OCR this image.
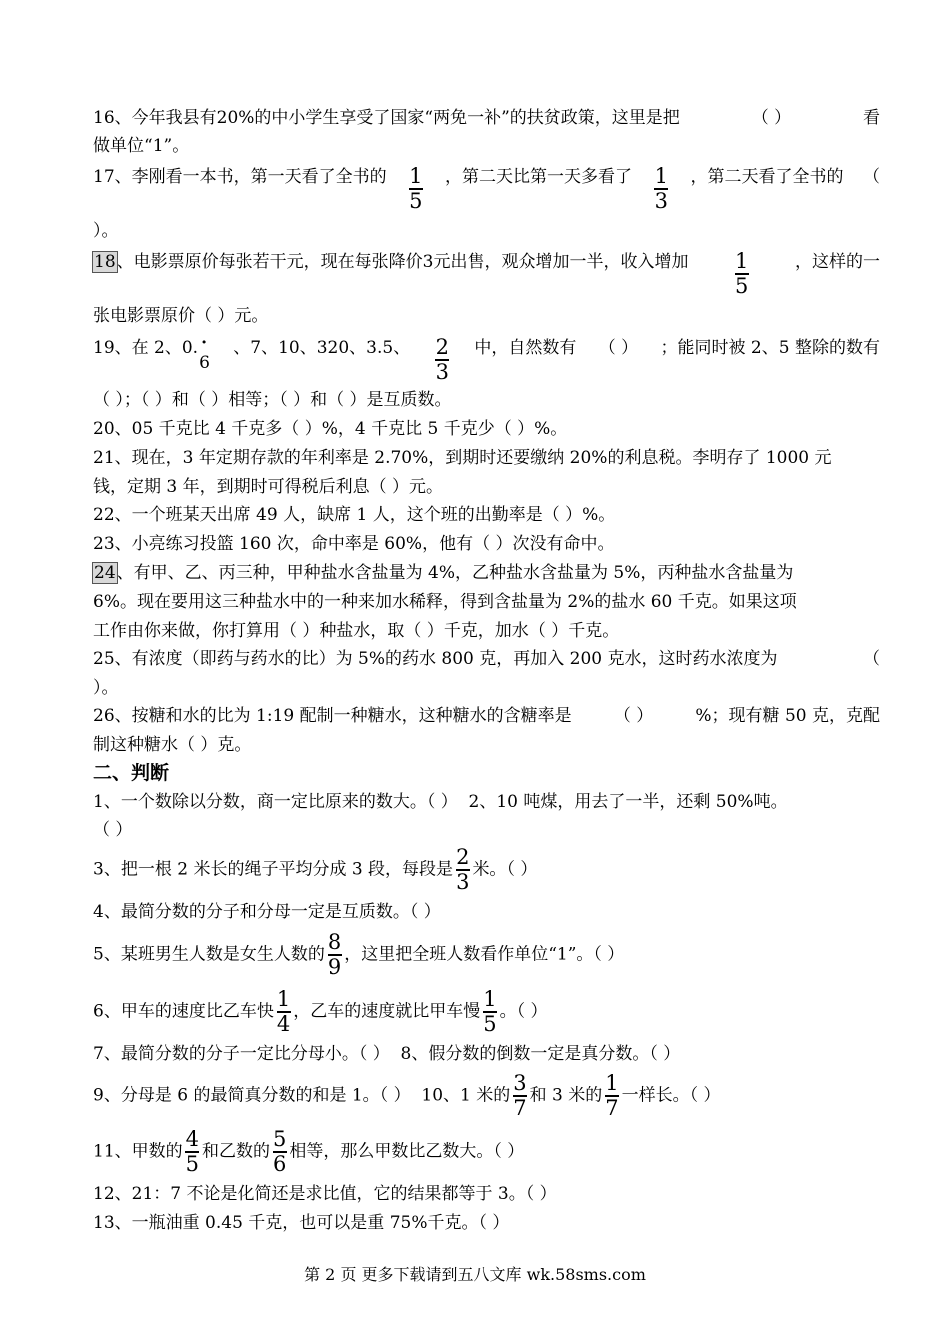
16、今年我县有20%的中小学生享受了国家“两免一补”的扶贫政策，这里是把	（ ）	看
做单位“1”。
17、李刚看一本书，第一天看了全书的 $\frac{1}{5}$ ，第二天比第一天多看了 $\frac{1}{3}$ ，第二天看了全书的 （
）。
18、电影票原价每张若干元，现在每张降价3元出售，观众增加一半，收入增加 $\frac{1}{5}$	，这样的一
张电影票原价（ ）元。
19、在 2、0.· 6
、7、10、320、3.5、 $\frac{2}{3}$ 中，自然数有 （ ） ；能同时被 2、5 整除的数有
（ ）；（ ）和（ ）相等；（ ）和（ ）是互质数。
20、05 千克比 4 千克多（ ）%，4 千克比 5 千克少（ ）%。
21、现在，3 年定期存款的年利率是 2.70%，到期时还要缴纳 20%的利息税。李明存了 1000 元
钱，定期 3 年，到期时可得税后利息（ ）元。
22、一个班某天出席 49 人，缺席 1 人，这个班的出勤率是（ ）%。
23、小亮练习投篮 160 次，命中率是 60%，他有（ ）次没有命中。
24、有甲、乙、丙三种，甲种盐水含盐量为 4%，乙种盐水含盐量为 5%，丙种盐水含盐量为
6%。现在要用这三种盐水中的一种来加水稀释，得到含盐量为 2%的盐水 60 千克。如果这项
工作由你来做，你打算用（ ）种盐水，取（ ）千克，加水（ ）千克。
25、有浓度（即药与药水的比）为 5%的药水 800 克，再加入 200 克水，这时药水浓度为	（
）。
26、按糖和水的比为 1:19 配制一种糖水，这种糖水的含糖率是 （ ） %；现有糖 50 克，克配
制这种糖水（ ）克。
二、判断
1、一个数除以分数，商一定比原来的数大。（ ） 2、10 吨煤，用去了一半，还剩 50%吨。
（ ）
3、把一根 2 米长的绳子平均分成 3 段，每段是 $\frac{2}{3}$ 米。（ ）
4、最简分数的分子和分母一定是互质数。（ ）
5、某班男生人数是女生人数的 $\frac{8}{9}$ ，这里把全班人数看作单位“1”。（ ）
6、甲车的速度比乙车快 $\frac{1}{4}$ ，乙车的速度就比甲车慢 $\frac{1}{5}$ 。（ ）
7、最简分数的分子一定比分母小。（ ） 8、假分数的倒数一定是真分数。（ ）
9、分母是 6 的最简真分数的和是 1。（ ） 10、1 米的 $\frac{3}{7}$ 和 3 米的 $\frac{1}{7}$ 一样长。（ ）
11、甲数的 $\frac{4}{5}$ 和乙数的 $\frac{5}{6}$ 相等，那么甲数比乙数大。（ ）
12、21：7 不论是化简还是求比值，它的结果都等于 3。（ ）
13、一瓶油重 0.45 千克，也可以是重 75%千克。（ ）
第 2 页 更多下载请到五八文库 wk.58sms.com
